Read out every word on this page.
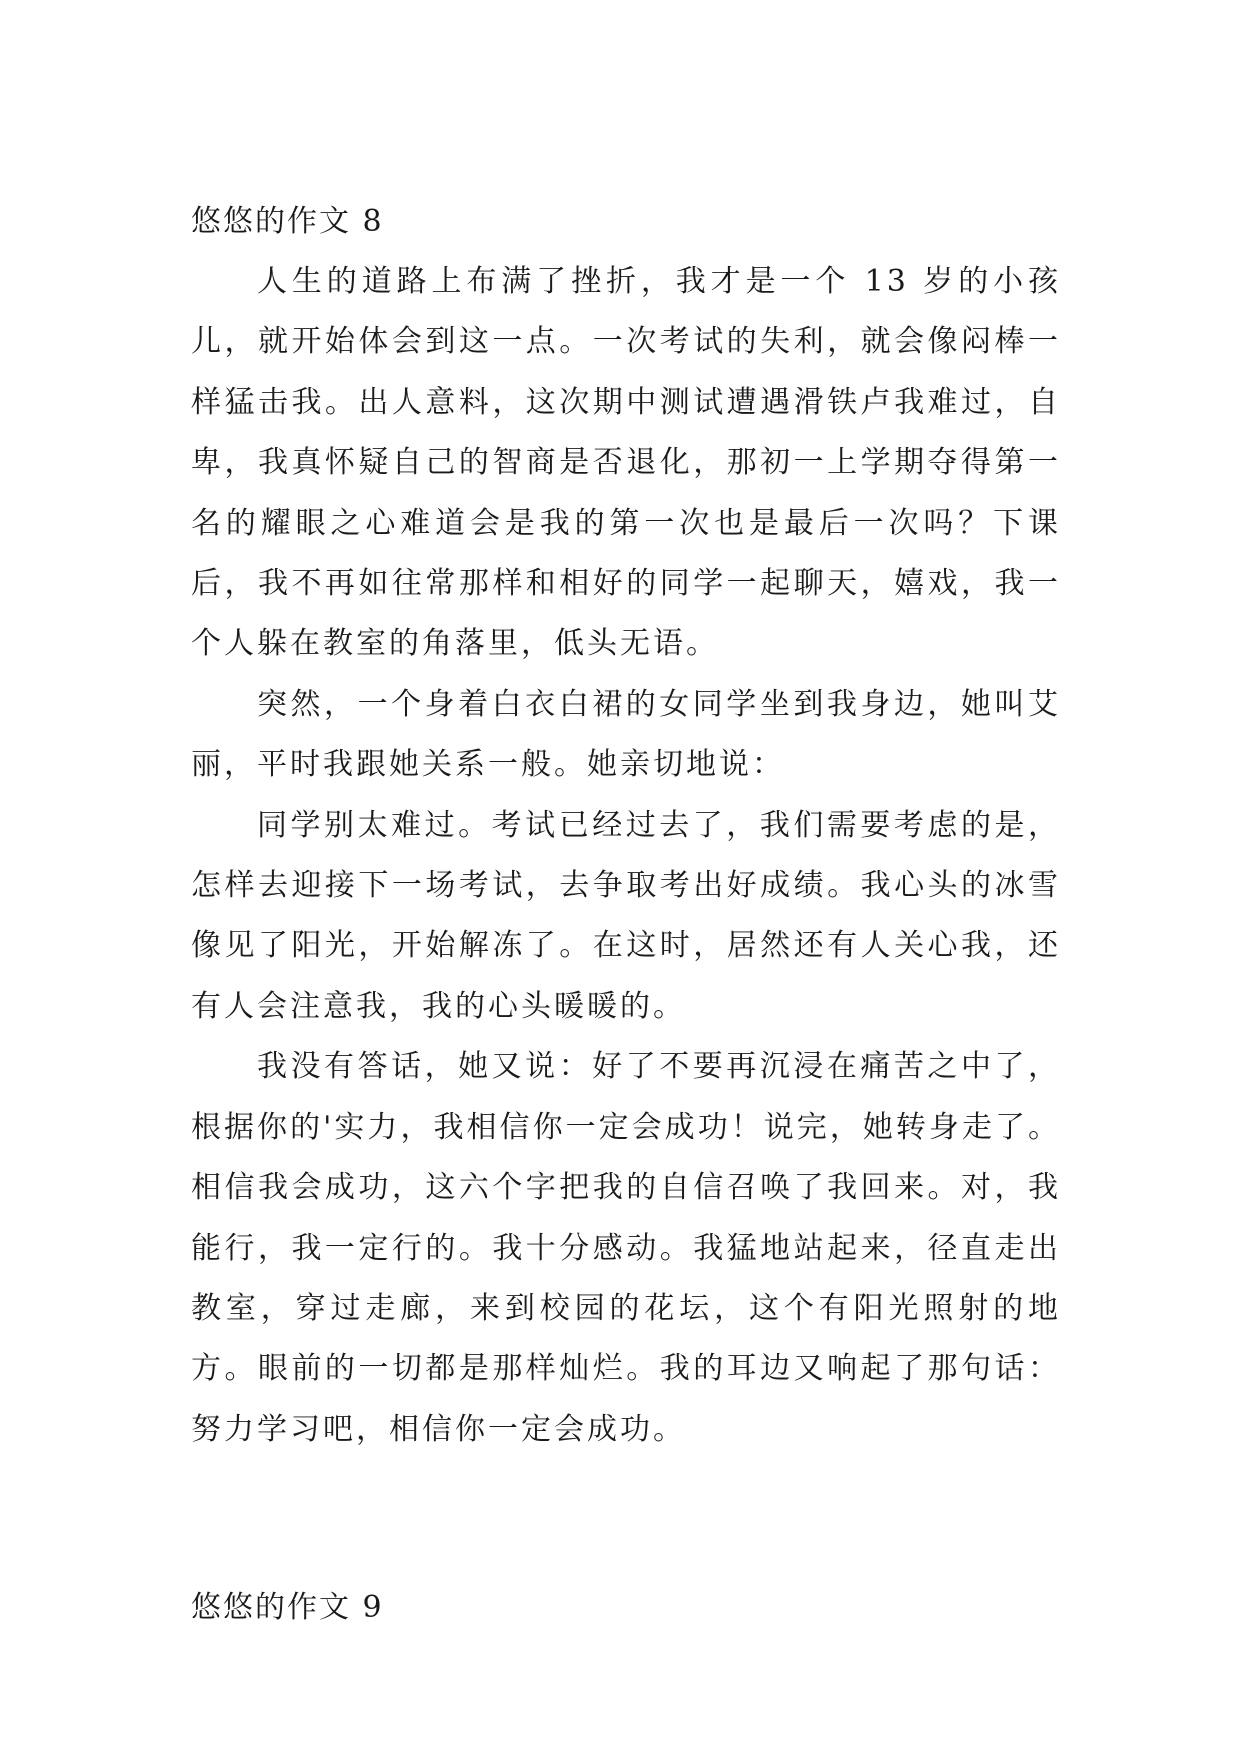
悠悠的作文 8

人生的道路上布满了挫折，我才是一个 13 岁的小孩儿，就开始体会到这一点。一次考试的失利，就会像闷棒一样猛击我。出人意料，这次期中测试遭遇滑铁卢我难过，自卑，我真怀疑自己的智商是否退化，那初一上学期夺得第一名的耀眼之心难道会是我的第一次也是最后一次吗？下课后，我不再如往常那样和相好的同学一起聊天，嬉戏，我一个人躲在教室的角落里，低头无语。

突然，一个身着白衣白裙的女同学坐到我身边，她叫艾丽，平时我跟她关系一般。她亲切地说：

同学别太难过。考试已经过去了，我们需要考虑的是，怎样去迎接下一场考试，去争取考出好成绩。我心头的冰雪像见了阳光，开始解冻了。在这时，居然还有人关心我，还有人会注意我，我的心头暖暖的。

我没有答话，她又说：好了不要再沉浸在痛苦之中了，根据你的'实力，我相信你一定会成功！说完，她转身走了。相信我会成功，这六个字把我的自信召唤了我回来。对，我能行，我一定行的。我十分感动。我猛地站起来，径直走出教室，穿过走廊，来到校园的花坛，这个有阳光照射的地方。眼前的一切都是那样灿烂。我的耳边又响起了那句话：努力学习吧，相信你一定会成功。

悠悠的作文 9
